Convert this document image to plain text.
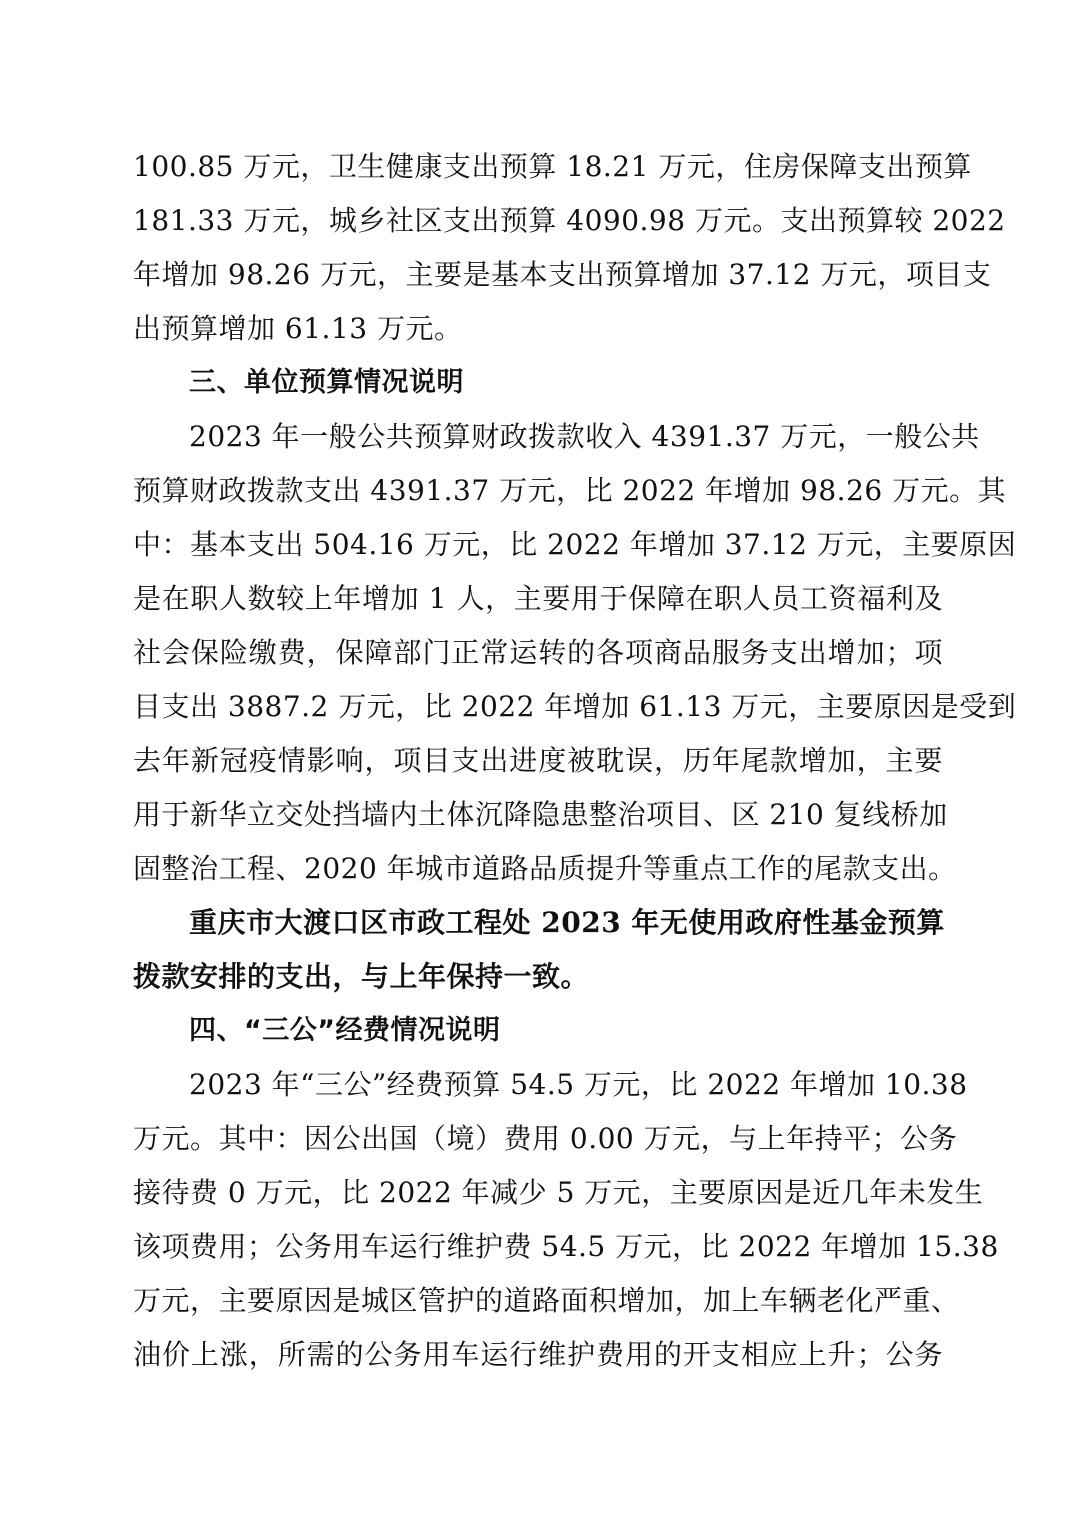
100.85 万元，卫生健康支出预算 18.21 万元，住房保障支出预算
181.33 万元，城乡社区支出预算 4090.98 万元。支出预算较 2022
年增加 98.26 万元，主要是基本支出预算增加 37.12 万元，项目支
出预算增加 61.13 万元。
三、单位预算情况说明
2023 年一般公共预算财政拨款收入 4391.37 万元，一般公共
预算财政拨款支出 4391.37 万元，比 2022 年增加 98.26 万元。其
中：基本支出 504.16 万元，比 2022 年增加 37.12 万元，主要原因
是在职人数较上年增加 1 人，主要用于保障在职人员工资福利及
社会保险缴费，保障部门正常运转的各项商品服务支出增加；项
目支出 3887.2 万元，比 2022 年增加 61.13 万元，主要原因是受到
去年新冠疫情影响，项目支出进度被耽误，历年尾款增加，主要
用于新华立交处挡墙内土体沉降隐患整治项目、区 210 复线桥加
固整治工程、2020 年城市道路品质提升等重点工作的尾款支出。
重庆市大渡口区市政工程处 2023 年无使用政府性基金预算
拨款安排的支出，与上年保持一致。
四、“三公”经费情况说明
2023 年“三公”经费预算 54.5 万元，比 2022 年增加 10.38
万元。其中：因公出国（境）费用 0.00 万元，与上年持平；公务
接待费 0 万元，比 2022 年减少 5 万元，主要原因是近几年未发生
该项费用；公务用车运行维护费 54.5 万元，比 2022 年增加 15.38
万元，主要原因是城区管护的道路面积增加，加上车辆老化严重、
油价上涨，所需的公务用车运行维护费用的开支相应上升；公务
